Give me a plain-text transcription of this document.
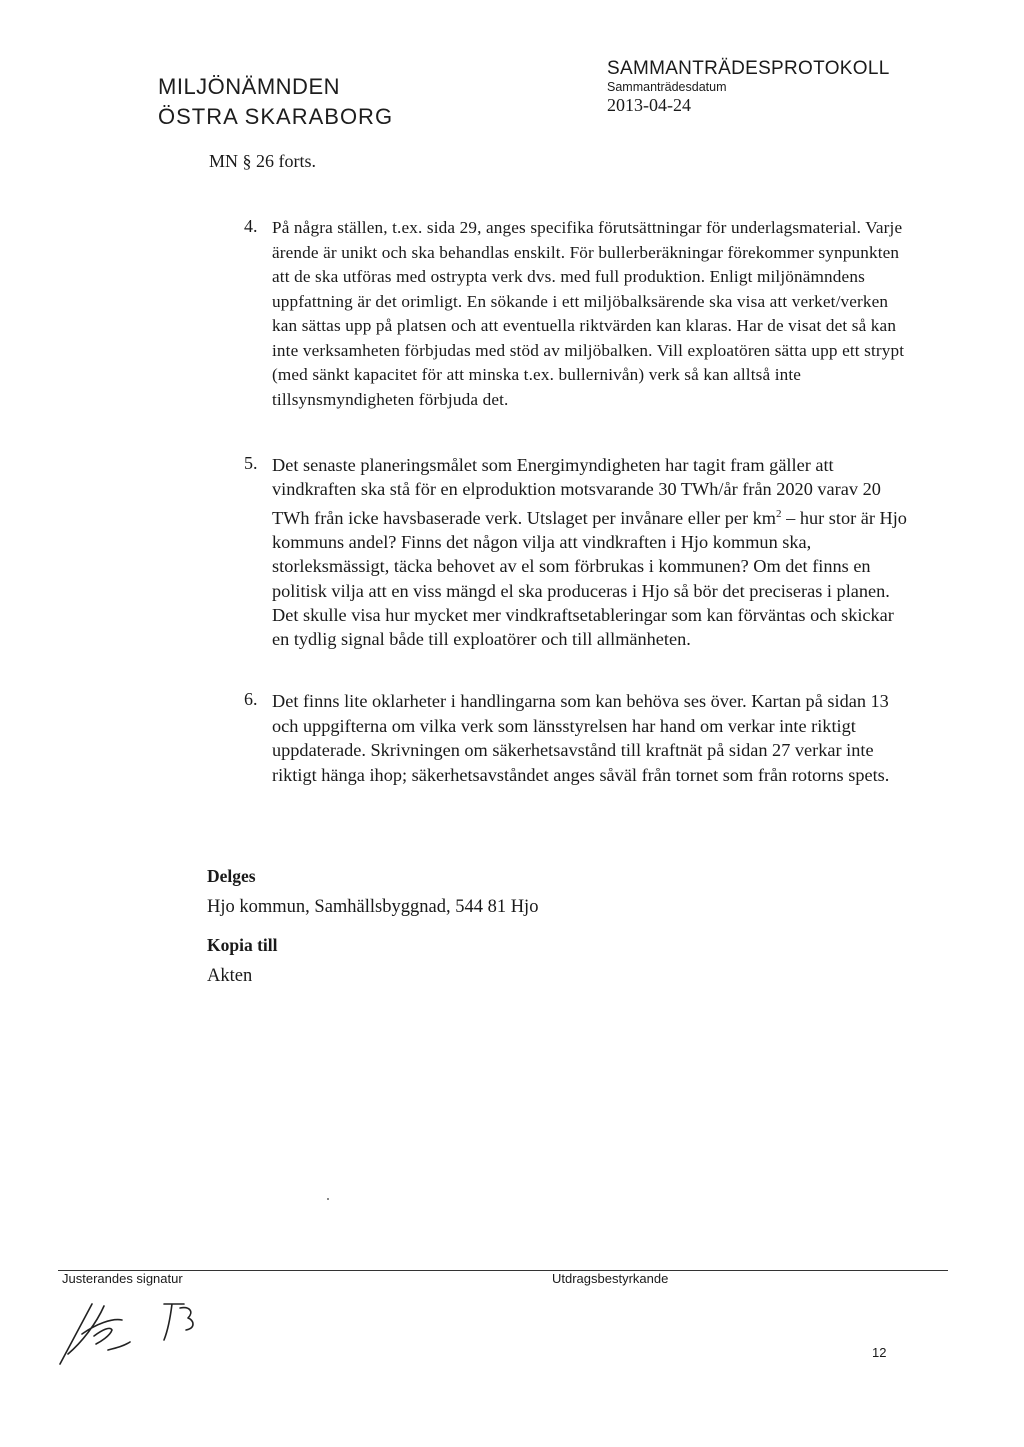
MILJÖNÄMNDEN
ÖSTRA SKARABORG
SAMMANTRÄDESPROTOKOLL
Sammanträdesdatum
2013-04-24
MN § 26 forts.
4. På några ställen, t.ex. sida 29, anges specifika förutsättningar för underlagsmaterial. Varje ärende är unikt och ska behandlas enskilt. För bullerberäkningar förekommer synpunkten att de ska utföras med ostrypta verk dvs. med full produktion. Enligt miljönämndens uppfattning är det orimligt. En sökande i ett miljöbalksärende ska visa att verket/verken kan sättas upp på platsen och att eventuella riktvärden kan klaras. Har de visat det så kan inte verksamheten förbjudas med stöd av miljöbalken. Vill exploatören sätta upp ett strypt (med sänkt kapacitet för att minska t.ex. bullernivån) verk så kan alltså inte tillsynsmyndigheten förbjuda det.

5. Det senaste planeringsmålet som Energimyndigheten har tagit fram gäller att vindkraften ska stå för en elproduktion motsvarande 30 TWh/år från 2020 varav 20 TWh från icke havsbaserade verk. Utslaget per invånare eller per $km^2$ – hur stor är Hjo kommuns andel? Finns det någon vilja att vindkraften i Hjo kommun ska, storleksmässigt, täcka behovet av el som förbrukas i kommunen? Om det finns en politisk vilja att en viss mängd el ska produceras i Hjo så bör det preciseras i planen. Det skulle visa hur mycket mer vindkraftsetableringar som kan förväntas och skickar en tydlig signal både till exploatörer och till allmänheten.

6. Det finns lite oklarheter i handlingarna som kan behöva ses över. Kartan på sidan 13 och uppgifterna om vilka verk som länsstyrelsen har hand om verkar inte riktigt uppdaterade. Skrivningen om säkerhetsavstånd till kraftnät på sidan 27 verkar inte riktigt hänga ihop; säkerhetsavståndet anges såväl från tornet som från rotorns spets.

Delges
Hjo kommun, Samhällsbyggnad, 544 81 Hjo
Kopia till
Akten
Justerandes signatur	Utdragsbestyrkande
12
